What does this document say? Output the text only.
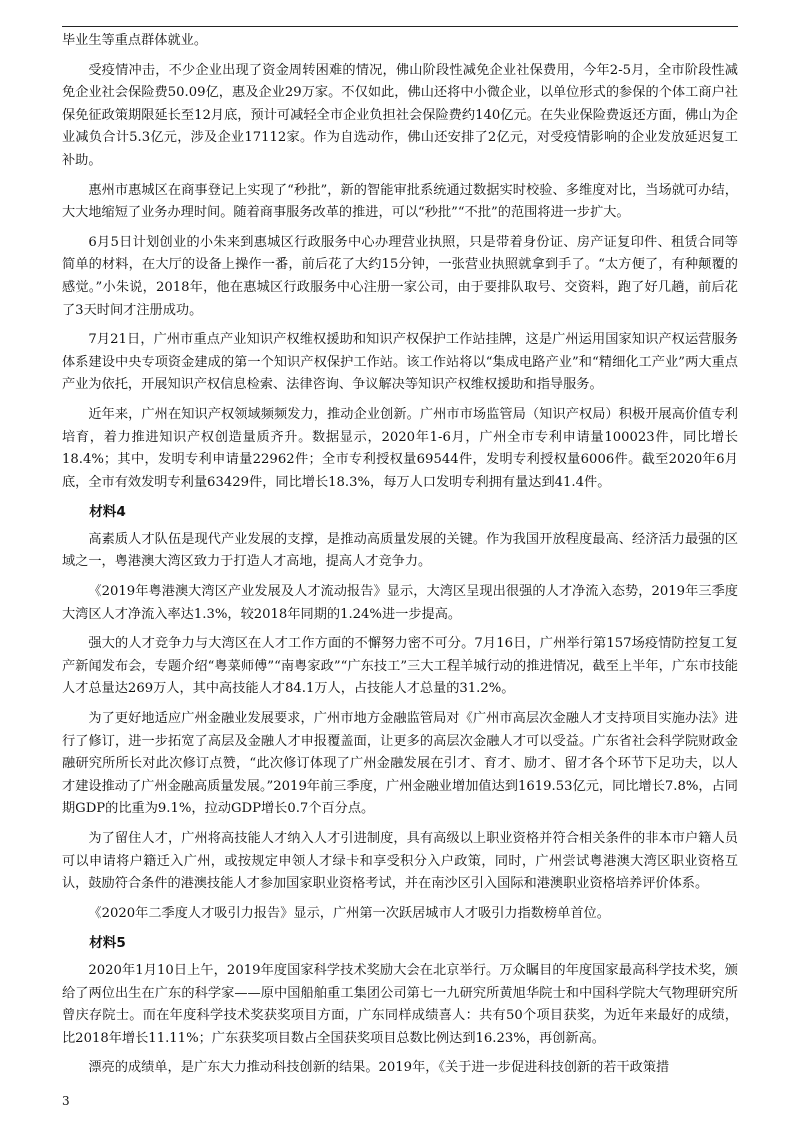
毕业生等重点群体就业。

受疫情冲击，不少企业出现了资金周转困难的情况，佛山阶段性减免企业社保费用，今年2-5月，全市阶段性减免企业社会保险费50.09亿，惠及企业29万家。不仅如此，佛山还将中小微企业，以单位形式的参保的个体工商户社保免征政策期限延长至12月底，预计可减轻全市企业负担社会保险费约140亿元。在失业保险费返还方面，佛山为企业减负合计5.3亿元，涉及企业17112家。作为自选动作，佛山还安排了2亿元，对受疫情影响的企业发放延迟复工补助。

惠州市惠城区在商事登记上实现了“秒批”，新的智能审批系统通过数据实时校验、多维度对比，当场就可办结，大大地缩短了业务办理时间。随着商事服务改革的推进，可以“秒批”“不批”的范围将进一步扩大。

6月5日计划创业的小朱来到惠城区行政服务中心办理营业执照，只是带着身份证、房产证复印件、租赁合同等简单的材料，在大厅的设备上操作一番，前后花了大约15分钟，一张营业执照就拿到手了。“太方便了，有种颠覆的感觉。”小朱说，2018年，他在惠城区行政服务中心注册一家公司，由于要排队取号、交资料，跑了好几趟，前后花了3天时间才注册成功。

7月21日，广州市重点产业知识产权维权援助和知识产权保护工作站挂牌，这是广州运用国家知识产权运营服务体系建设中央专项资金建成的第一个知识产权保护工作站。该工作站将以“集成电路产业”和“精细化工产业”两大重点产业为依托，开展知识产权信息检索、法律咨询、争议解决等知识产权维权援助和指导服务。

近年来，广州在知识产权领域频频发力，推动企业创新。广州市市场监管局（知识产权局）积极开展高价值专利培育，着力推进知识产权创造量质齐升。数据显示，2020年1-6月，广州全市专利申请量100023件，同比增长18.4%；其中，发明专利申请量22962件；全市专利授权量69544件，发明专利授权量6006件。截至2020年6月底，全市有效发明专利量63429件，同比增长18.3%，每万人口发明专利拥有量达到41.4件。

材料4

高素质人才队伍是现代产业发展的支撑，是推动高质量发展的关键。作为我国开放程度最高、经济活力最强的区域之一，粤港澳大湾区致力于打造人才高地，提高人才竞争力。

《2019年粤港澳大湾区产业发展及人才流动报告》显示，大湾区呈现出很强的人才净流入态势，2019年三季度大湾区人才净流入率达1.3%，较2018年同期的1.24%进一步提高。

强大的人才竞争力与大湾区在人才工作方面的不懈努力密不可分。7月16日，广州举行第157场疫情防控复工复产新闻发布会，专题介绍“粤菜师傅”“南粤家政”“广东技工”三大工程羊城行动的推进情况，截至上半年，广东市技能人才总量达269万人，其中高技能人才84.1万人，占技能人才总量的31.2%。

为了更好地适应广州金融业发展要求，广州市地方金融监管局对《广州市高层次金融人才支持项目实施办法》进行了修订，进一步拓宽了高层及金融人才申报覆盖面，让更多的高层次金融人才可以受益。广东省社会科学院财政金融研究所所长对此次修订点赞，“此次修订体现了广州金融发展在引才、育才、励才、留才各个环节下足功夫，以人才建设推动了广州金融高质量发展。”2019年前三季度，广州金融业增加值达到1619.53亿元，同比增长7.8%，占同期GDP的比重为9.1%，拉动GDP增长0.7个百分点。

为了留住人才，广州将高技能人才纳入人才引进制度，具有高级以上职业资格并符合相关条件的非本市户籍人员可以申请将户籍迁入广州，或按规定申领人才绿卡和享受积分入户政策，同时，广州尝试粤港澳大湾区职业资格互认，鼓励符合条件的港澳技能人才参加国家职业资格考试，并在南沙区引入国际和港澳职业资格培养评价体系。

《2020年二季度人才吸引力报告》显示，广州第一次跃居城市人才吸引力指数榜单首位。

材料5

2020年1月10日上午，2019年度国家科学技术奖励大会在北京举行。万众瞩目的年度国家最高科学技术奖，颁给了两位出生在广东的科学家——原中国船舶重工集团公司第七一九研究所黄旭华院士和中国科学院大气物理研究所曾庆存院士。而在年度科学技术奖获奖项目方面，广东同样成绩喜人：共有50个项目获奖，为近年来最好的成绩，比2018年增长11.11%；广东获奖项目数占全国获奖项目总数比例达到16.23%，再创新高。

漂亮的成绩单，是广东大力推动科技创新的结果。2019年，《关于进一步促进科技创新的若干政策措

3
